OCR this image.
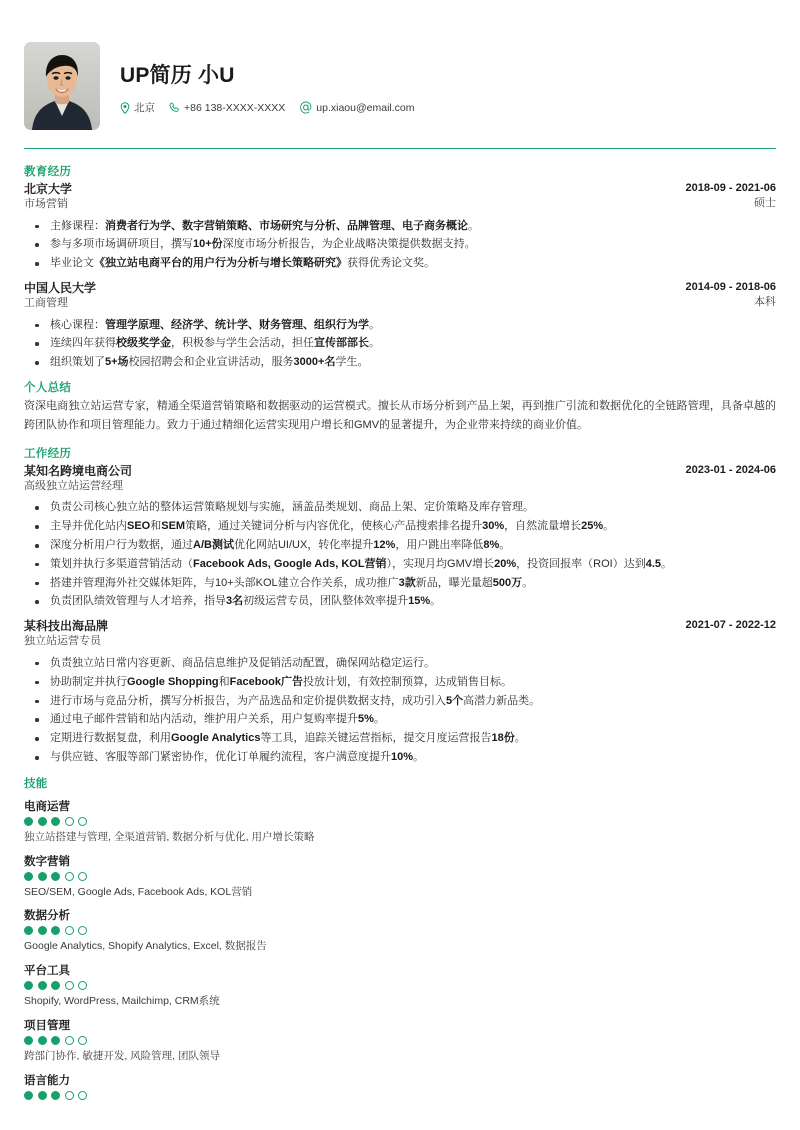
UP简历 小U
北京	+86 138-XXXX-XXXX @ up.xiaou@email.com
教育经历
北京大学
市场营销
2018-09 - 2021-06
硕士
主修课程：消费者行为学、数字营销策略、市场研究与分析、品牌管理、电子商务概论。
参与多项市场调研项目，撰写10+份深度市场分析报告，为企业战略决策提供数据支持。
毕业论文《独立站电商平台的用户行为分析与增长策略研究》获得优秀论文奖。
中国人民大学
工商管理
2014-09 - 2018-06
本科
核心课程：管理学原理、经济学、统计学、财务管理、组织行为学。
连续四年获得校级奖学金，积极参与学生会活动，担任宣传部部长。
组织策划了5+场校园招聘会和企业宣讲活动，服务3000+名学生。
个人总结
资深电商独立站运营专家，精通全渠道营销策略和数据驱动的运营模式。擅长从市场分析到产品上架，再到推广引流和数据优化的全链路管理，具备卓越的跨团队协作和项目管理能力。致力于通过精细化运营实现用户增长和GMV的显著提升，为企业带来持续的商业价值。
工作经历
某知名跨境电商公司
高级独立站运营经理
2023-01 - 2024-06
负责公司核心独立站的整体运营策略规划与实施，涵盖品类规划、商品上架、定价策略及库存管理。
主导并优化站内SEO和SEM策略，通过关键词分析与内容优化，使核心产品搜索排名提升30%，自然流量增长25%。
深度分析用户行为数据，通过A/B测试优化网站UI/UX，转化率提升12%，用户跳出率降低8%。
策划并执行多渠道营销活动（Facebook Ads, Google Ads, KOL营销），实现月均GMV增长20%，投资回报率（ROI）达到4.5。
搭建并管理海外社交媒体矩阵，与10+头部KOL建立合作关系，成功推广3款新品，曝光量超500万。
负责团队绩效管理与人才培养，指导3名初级运营专员，团队整体效率提升15%。
某科技出海品牌
独立站运营专员
2021-07 - 2022-12
负责独立站日常内容更新、商品信息维护及促销活动配置，确保网站稳定运行。
协助制定并执行Google Shopping和Facebook广告投放计划，有效控制预算，达成销售目标。
进行市场与竞品分析，撰写分析报告，为产品选品和定价提供数据支持，成功引入5个高潜力新品类。
通过电子邮件营销和站内活动，维护用户关系，用户复购率提升5%。
定期进行数据复盘，利用Google Analytics等工具，追踪关键运营指标，提交月度运营报告18份。
与供应链、客服等部门紧密协作，优化订单履约流程，客户满意度提升10%。
技能
电商运营
独立站搭建与管理, 全渠道营销, 数据分析与优化, 用户增长策略
数字营销
SEO/SEM, Google Ads, Facebook Ads, KOL营销
数据分析
Google Analytics, Shopify Analytics, Excel, 数据报告
平台工具
Shopify, WordPress, Mailchimp, CRM系统
项目管理
跨部门协作, 敏捷开发, 风险管理, 团队领导
语言能力
